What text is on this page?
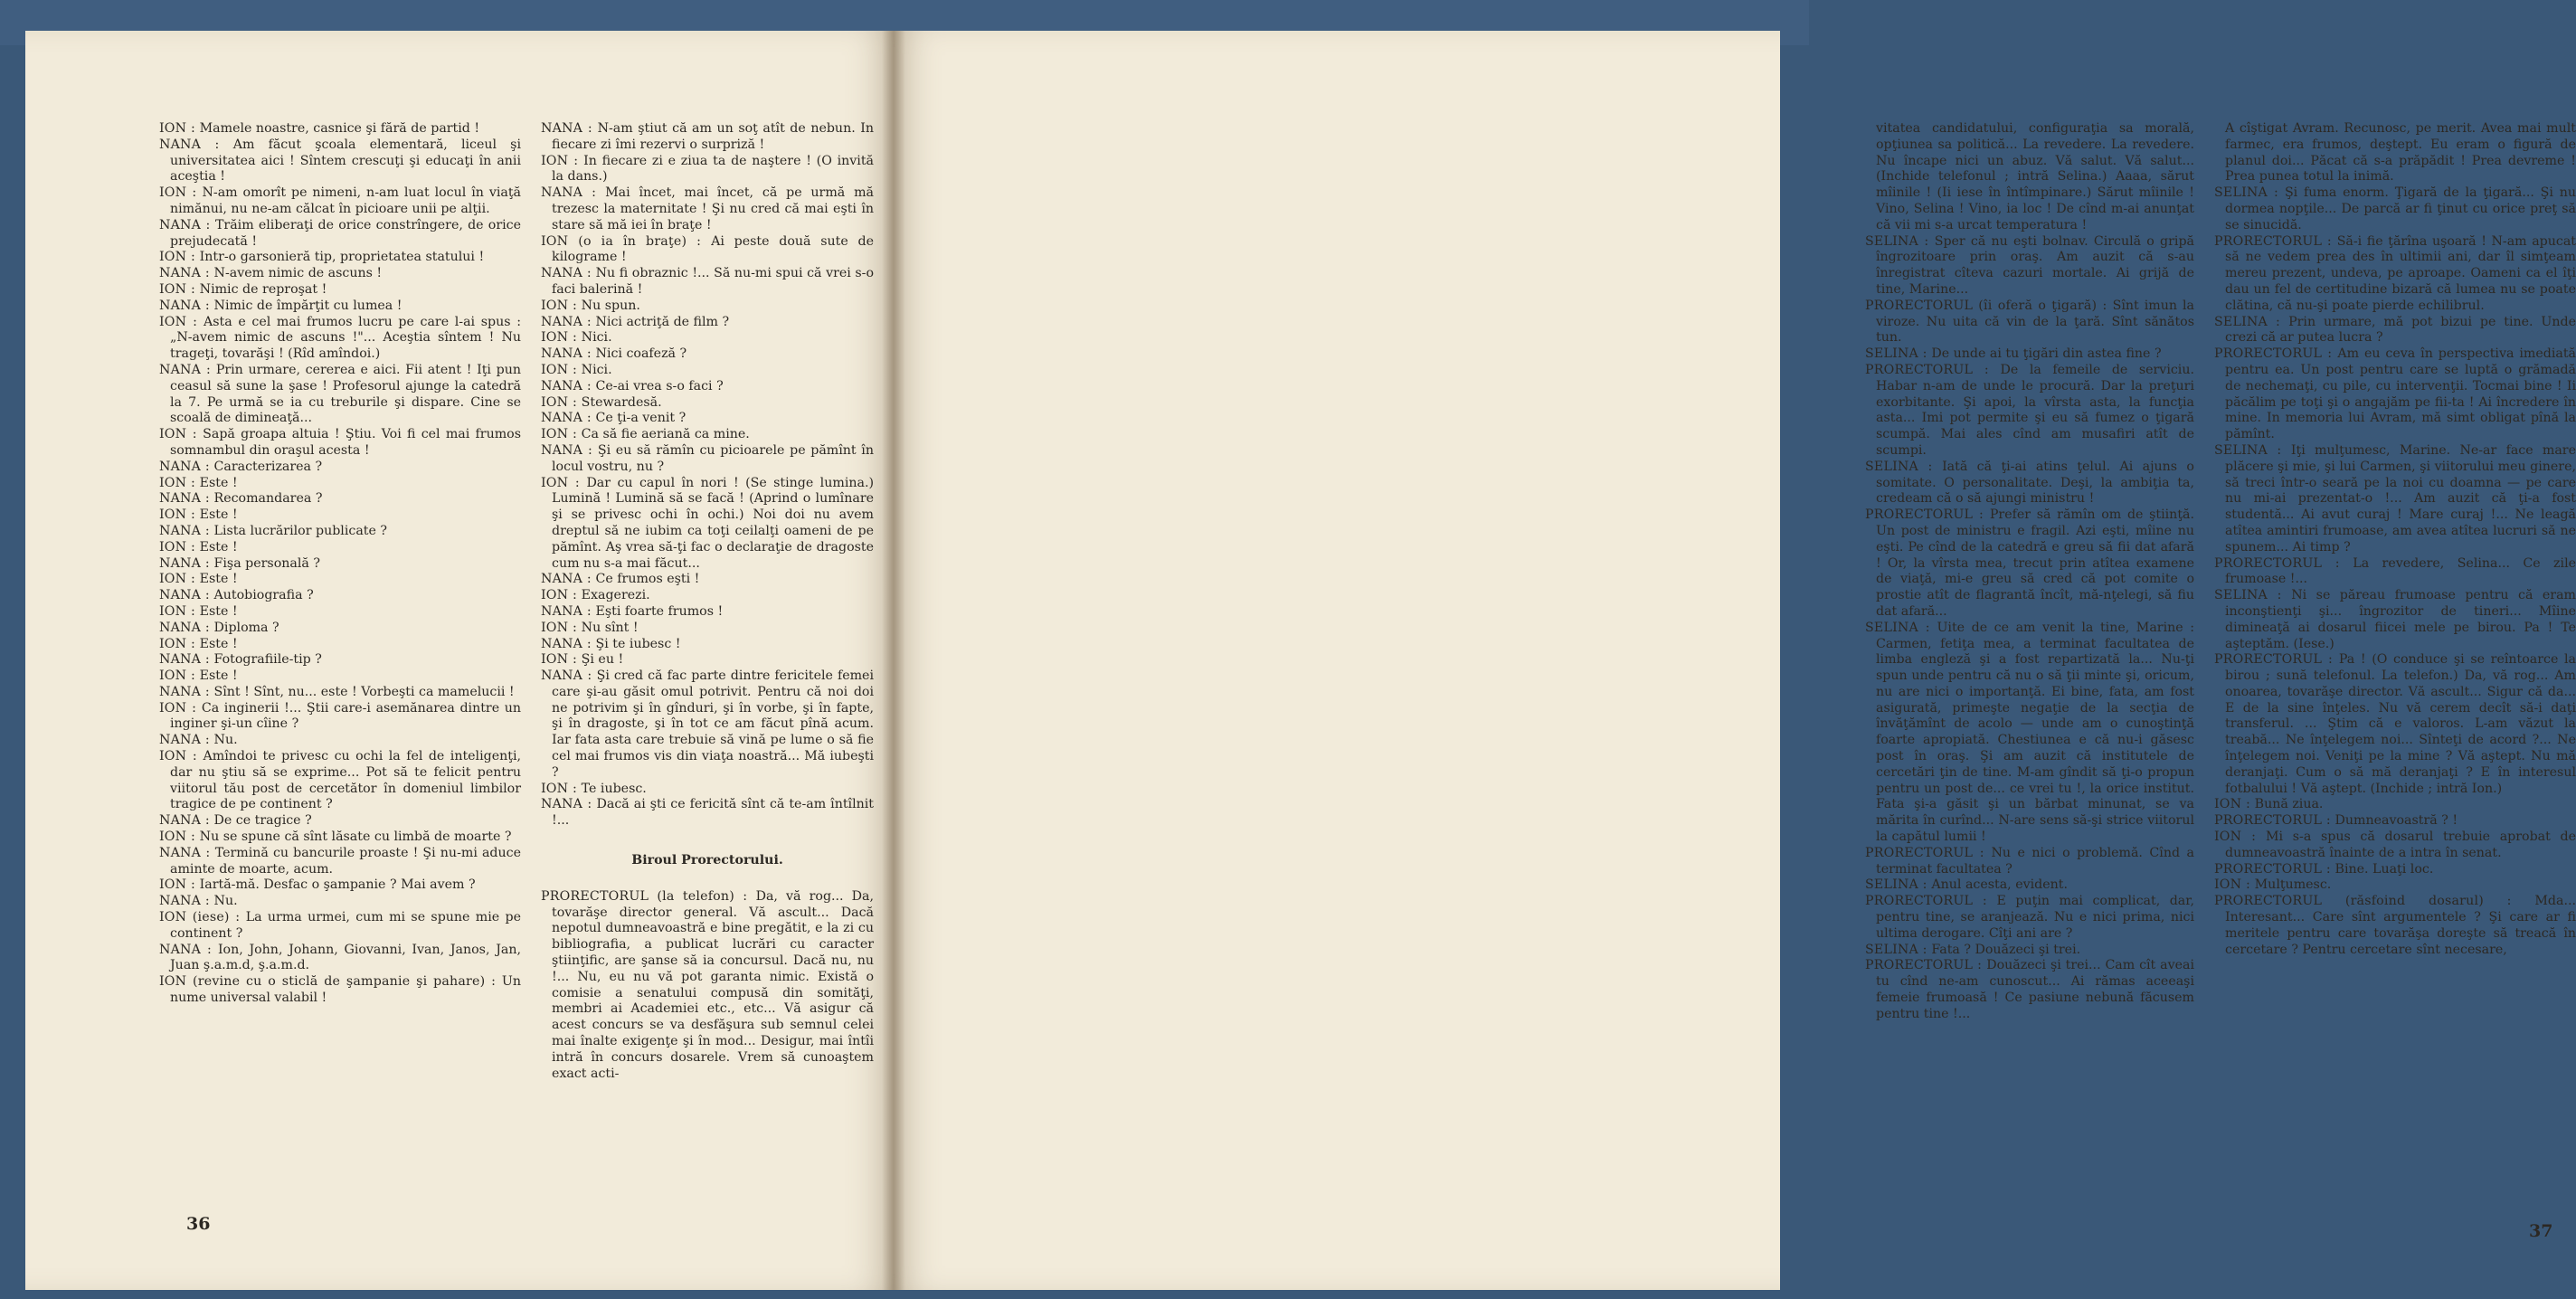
ION : Mamele noastre, casnice şi fără de partid !

NANA : Am făcut şcoala elementară, liceul şi universitatea aici ! Sîntem crescuţi şi educaţi în anii aceştia !

ION : N-am omorît pe nimeni, n-am luat locul în viaţă nimănui, nu ne-am călcat în picioare unii pe alţii.

NANA : Trăim eliberaţi de orice constrîngere, de orice prejudecată !

ION : Intr-o garsonieră tip, proprietatea statului !

NANA : N-avem nimic de ascuns !

ION : Nimic de reproşat !

NANA : Nimic de împărţit cu lumea !

ION : Asta e cel mai frumos lucru pe care l-ai spus : „N-avem nimic de ascuns !"... Aceştia sîntem ! Nu trageţi, tovarăşi ! (Rîd amîndoi.)

NANA : Prin urmare, cererea e aici. Fii atent ! Iţi pun ceasul să sune la şase ! Profesorul ajunge la catedră la 7. Pe urmă se ia cu treburile şi dispare. Cine se scoală de dimineaţă...

ION : Sapă groapa altuia ! Ştiu. Voi fi cel mai frumos somnambul din oraşul acesta !

NANA : Caracterizarea ?

ION : Este !

NANA : Recomandarea ?

ION : Este !

NANA : Lista lucrărilor publicate ?

ION : Este !

NANA : Fişa personală ?

ION : Este !

NANA : Autobiografia ?

ION : Este !

NANA : Diploma ?

ION : Este !

NANA : Fotografiile-tip ?

ION : Este !

NANA : Sînt ! Sînt, nu... este ! Vorbeşti ca mamelucii !

ION : Ca inginerii !... Ştii care-i asemănarea dintre un inginer şi-un cîine ?

NANA : Nu.

ION : Amîndoi te privesc cu ochi la fel de inteligenţi, dar nu ştiu să se exprime... Pot să te felicit pentru viitorul tău post de cercetător în domeniul limbilor tragice de pe continent ?

NANA : De ce tragice ?

ION : Nu se spune că sînt lăsate cu limbă de moarte ?

NANA : Termină cu bancurile proaste ! Şi nu-mi aduce aminte de moarte, acum.

ION : Iartă-mă. Desfac o şampanie ? Mai avem ?

NANA : Nu.

ION (iese) : La urma urmei, cum mi se spune mie pe continent ?

NANA : Ion, John, Johann, Giovanni, Ivan, Janos, Jan, Juan ş.a.m.d, ş.a.m.d.

ION (revine cu o sticlă de şampanie şi pahare) : Un nume universal valabil !

NANA : N-am ştiut că am un soţ atît de nebun. In fiecare zi îmi rezervi o surpriză !

ION : In fiecare zi e ziua ta de naştere ! (O invită la dans.)

NANA : Mai încet, mai încet, că pe urmă mă trezesc la maternitate ! Şi nu cred că mai eşti în stare să mă iei în braţe !

ION (o ia în braţe) : Ai peste două sute de kilograme !

NANA : Nu fi obraznic !... Să nu-mi spui că vrei s-o faci balerină !

ION : Nu spun.

NANA : Nici actriţă de film ?

ION : Nici.

NANA : Nici coafeză ?

ION : Nici.

NANA : Ce-ai vrea s-o faci ?

ION : Stewardesă.

NANA : Ce ţi-a venit ?

ION : Ca să fie aeriană ca mine.

NANA : Şi eu să rămîn cu picioarele pe pămînt în locul vostru, nu ?

ION : Dar cu capul în nori ! (Se stinge lumina.) Lumină ! Lumină să se facă ! (Aprind o lumînare şi se privesc ochi în ochi.) Noi doi nu avem dreptul să ne iubim ca toţi ceilalţi oameni de pe pămînt. Aş vrea să-ţi fac o declaraţie de dragoste cum nu s-a mai făcut...

NANA : Ce frumos eşti !

ION : Exagerezi.

NANA : Eşti foarte frumos !

ION : Nu sînt !

NANA : Şi te iubesc !

ION : Şi eu !

NANA : Şi cred că fac parte dintre fericitele femei care şi-au găsit omul potrivit. Pentru că noi doi ne potrivim şi în gînduri, şi în vorbe, şi în fapte, şi în dragoste, şi în tot ce am făcut pînă acum. Iar fata asta care trebuie să vină pe lume o să fie cel mai frumos vis din viaţa noastră... Mă iubeşti ?

ION : Te iubesc.

NANA : Dacă ai şti ce fericită sînt că te-am întîlnit !...

Biroul Prorectorului.

PRORECTORUL (la telefon) : Da, vă rog... Da, tovarăşe director general. Vă ascult... Dacă nepotul dumneavoastră e bine pregătit, e la zi cu bibliografia, a publicat lucrări cu caracter ştiinţific, are şanse să ia concursul. Dacă nu, nu !... Nu, eu nu vă pot garanta nimic. Există o comisie a senatului compusă din somităţi, membri ai Academiei etc., etc... Vă asigur că acest concurs se va desfăşura sub semnul celei mai înalte exigenţe şi în mod... Desigur, mai întîi intră în concurs dosarele. Vrem să cunoaştem exact acti-

36

vitatea candidatului, configuraţia sa morală, opţiunea sa politică... La revedere. La revedere. Nu încape nici un abuz. Vă salut. Vă salut... (Inchide telefonul ; intră Selina.) Aaaa, sărut mîinile ! (Ii iese în întîmpinare.) Sărut mîinile ! Vino, Selina ! Vino, ia loc ! De cînd m-ai anunţat că vii mi s-a urcat temperatura !

SELINA : Sper că nu eşti bolnav. Circulă o gripă îngrozitoare prin oraş. Am auzit că s-au înregistrat cîteva cazuri mortale. Ai grijă de tine, Marine...

PRORECTORUL (îi oferă o ţigară) : Sînt imun la viroze. Nu uita că vin de la ţară. Sînt sănătos tun.

SELINA : De unde ai tu ţigări din astea fine ?

PRORECTORUL : De la femeile de serviciu. Habar n-am de unde le procură. Dar la preţuri exorbitante. Şi apoi, la vîrsta asta, la funcţia asta... Imi pot permite şi eu să fumez o ţigară scumpă. Mai ales cînd am musafiri atît de scumpi.

SELINA : Iată că ţi-ai atins ţelul. Ai ajuns o somitate. O personalitate. Deşi, la ambiţia ta, credeam că o să ajungi ministru !

PRORECTORUL : Prefer să rămîn om de ştiinţă. Un post de ministru e fragil. Azi eşti, mîine nu eşti. Pe cînd de la catedră e greu să fii dat afară ! Or, la vîrsta mea, trecut prin atîtea examene de viaţă, mi-e greu să cred că pot comite o prostie atît de flagrantă încît, mă-nţelegi, să fiu dat afară...

SELINA : Uite de ce am venit la tine, Marine : Carmen, fetiţa mea, a terminat facultatea de limba engleză şi a fost repartizată la... Nu-ţi spun unde pentru că nu o să ţii minte şi, oricum, nu are nici o importanţă. Ei bine, fata, am fost asigurată, primeşte negaţie de la secţia de învăţămînt de acolo — unde am o cunoştinţă foarte apropiată. Chestiunea e că nu-i găsesc post în oraş. Şi am auzit că institutele de cercetări ţin de tine. M-am gîndit să ţi-o propun pentru un post de... ce vrei tu !, la orice institut. Fata şi-a găsit şi un bărbat minunat, se va mărita în curînd... N-are sens să-şi strice viitorul la capătul lumii !

PRORECTORUL : Nu e nici o problemă. Cînd a terminat facultatea ?

SELINA : Anul acesta, evident.

PRORECTORUL : E puţin mai complicat, dar, pentru tine, se aranjează. Nu e nici prima, nici ultima derogare. Cîţi ani are ?

SELINA : Fata ? Douăzeci şi trei.

PRORECTORUL : Douăzeci şi trei... Cam cît aveai tu cînd ne-am cunoscut... Ai rămas aceeaşi femeie frumoasă ! Ce pasiune nebună făcusem pentru tine !...

A cîştigat Avram. Recunosc, pe merit. Avea mai mult farmec, era frumos, deştept. Eu eram o figură de planul doi... Păcat că s-a prăpădit ! Prea devreme ! Prea punea totul la inimă.

SELINA : Şi fuma enorm. Ţigară de la ţigară... Şi nu dormea nopţile... De parcă ar fi ţinut cu orice preţ să se sinucidă.

PRORECTORUL : Să-i fie ţărîna uşoară ! N-am apucat să ne vedem prea des în ultimii ani, dar îl simţeam mereu prezent, undeva, pe aproape. Oameni ca el îţi dau un fel de certitudine bizară că lumea nu se poate clătina, că nu-şi poate pierde echilibrul.

SELINA : Prin urmare, mă pot bizui pe tine. Unde crezi că ar putea lucra ?

PRORECTORUL : Am eu ceva în perspectiva imediată pentru ea. Un post pentru care se luptă o grămadă de nechemaţi, cu pile, cu intervenţii. Tocmai bine ! Ii păcălim pe toţi şi o angajăm pe fii-ta ! Ai încredere în mine. In memoria lui Avram, mă simt obligat pînă la pămînt.

SELINA : Iţi mulţumesc, Marine. Ne-ar face mare plăcere şi mie, şi lui Carmen, şi viitorului meu ginere, să treci într-o seară pe la noi cu doamna — pe care nu mi-ai prezentat-o !... Am auzit că ţi-a fost studentă... Ai avut curaj ! Mare curaj !... Ne leagă atîtea amintiri frumoase, am avea atîtea lucruri să ne spunem... Ai timp ?

PRORECTORUL : La revedere, Selina... Ce zile frumoase !...

SELINA : Ni se păreau frumoase pentru că eram inconştienţi şi... îngrozitor de tineri... Mîine dimineaţă ai dosarul fiicei mele pe birou. Pa ! Te aşteptăm. (Iese.)

PRORECTORUL : Pa ! (O conduce şi se reîntoarce la birou ; sună telefonul. La telefon.) Da, vă rog... Am onoarea, tovarăşe director. Vă ascult... Sigur că da... E de la sine înţeles. Nu vă cerem decît să-i daţi transferul. ... Ştim că e valoros. L-am văzut la treabă... Ne înţelegem noi... Sînteţi de acord ?... Ne înţelegem noi. Veniţi pe la mine ? Vă aştept. Nu mă deranjaţi. Cum o să mă deranjaţi ? E în interesul fotbalului ! Vă aştept. (Inchide ; intră Ion.)

ION : Bună ziua.

PRORECTORUL : Dumneavoastră ? !

ION : Mi s-a spus că dosarul trebuie aprobat de dumneavoastră înainte de a intra în senat.

PRORECTORUL : Bine. Luaţi loc.

ION : Mulţumesc.

PRORECTORUL (răsfoind dosarul) : Mda... Interesant... Care sînt argumentele ? Şi care ar fi meritele pentru care tovarăşa doreşte să treacă în cercetare ? Pentru cercetare sînt necesare,

37
